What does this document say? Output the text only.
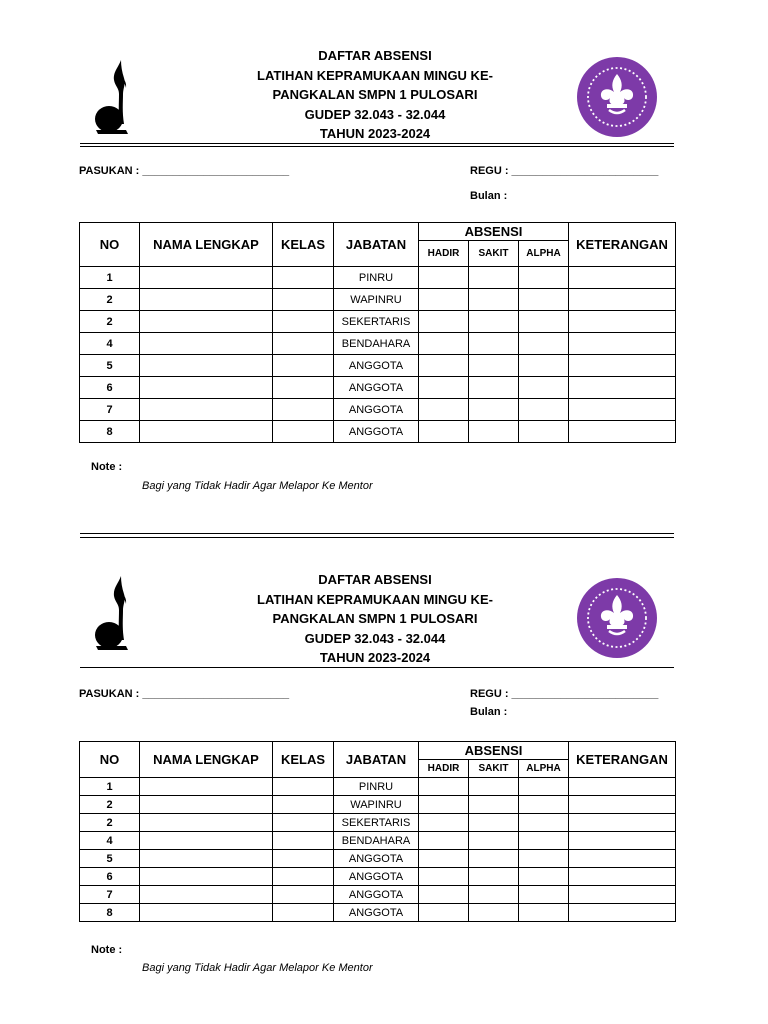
DAFTAR ABSENSI
LATIHAN KEPRAMUKAAN MINGU KE-
PANGKALAN SMPN 1 PULOSARI
GUDEP 32.043 - 32.044
TAHUN 2023-2024
PASUKAN : ________________________	REGU : ________________________
Bulan :
NO	NAMA LENGKAP	KELAS	JABATAN	ABSENSI			KETERANGAN
				HADIR	SAKIT	ALPHA	
1			PINRU				
2			WAPINRU				
2			SEKERTARIS				
4			BENDAHARA				
5			ANGGOTA				
6			ANGGOTA				
7			ANGGOTA				
8			ANGGOTA				
Note :
Bagi yang Tidak Hadir Agar Melapor Ke Mentor
DAFTAR ABSENSI
LATIHAN KEPRAMUKAAN MINGU KE-
PANGKALAN SMPN 1 PULOSARI
GUDEP 32.043 - 32.044
TAHUN 2023-2024
PASUKAN : ________________________	REGU : ________________________
Bulan :
NO	NAMA LENGKAP	KELAS	JABATAN	ABSENSI			KETERANGAN
				HADIR	SAKIT	ALPHA	
1			PINRU				
2			WAPINRU				
2			SEKERTARIS				
4			BENDAHARA				
5			ANGGOTA				
6			ANGGOTA				
7			ANGGOTA				
8			ANGGOTA				
Note :
Bagi yang Tidak Hadir Agar Melapor Ke Mentor
